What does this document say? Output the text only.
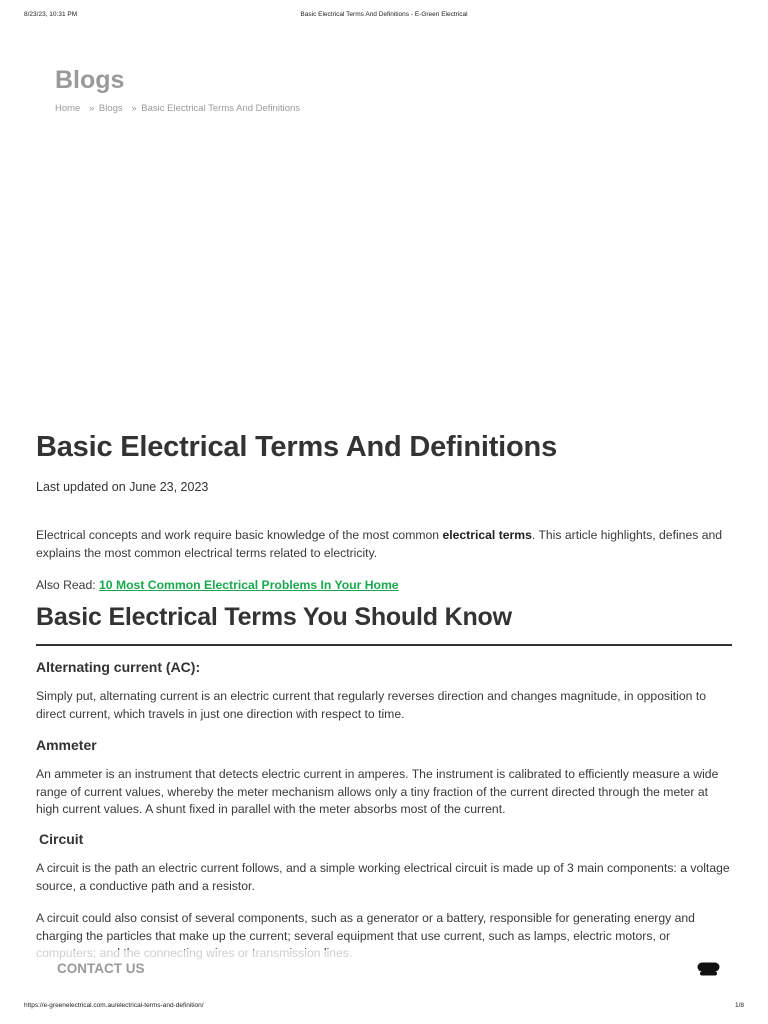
8/23/23, 10:31 PM	Basic Electrical Terms And Definitions - E-Green Electrical
Blogs
Home » Blogs » Basic Electrical Terms And Definitions
Basic Electrical Terms And Definitions
Last updated on June 23, 2023

Electrical concepts and work require basic knowledge of the most common electrical terms. This article highlights, defines and explains the most common electrical terms related to electricity.

Also Read: 10 Most Common Electrical Problems In Your Home

Basic Electrical Terms You Should Know
Alternating current (AC):

Simply put, alternating current is an electric current that regularly reverses direction and changes magnitude, in opposition to direct current, which travels in just one direction with respect to time.

Ammeter

An ammeter is an instrument that detects electric current in amperes. The instrument is calibrated to efficiently measure a wide range of current values, whereby the meter mechanism allows only a tiny fraction of the current directed through the meter at high current values. A shunt fixed in parallel with the meter absorbs most of the current.

Circuit

A circuit is the path an electric current follows, and a simple working electrical circuit is made up of 3 main components: a voltage source, a conductive path and a resistor.

A circuit could also consist of several components, such as a generator or a battery, responsible for generating energy and charging the particles that make up the current; several equipment that use current, such as lamps, electric motors, or

CONTACT US
https://e-greenelectrical.com.au/electrical-terms-and-definition/	1/8
